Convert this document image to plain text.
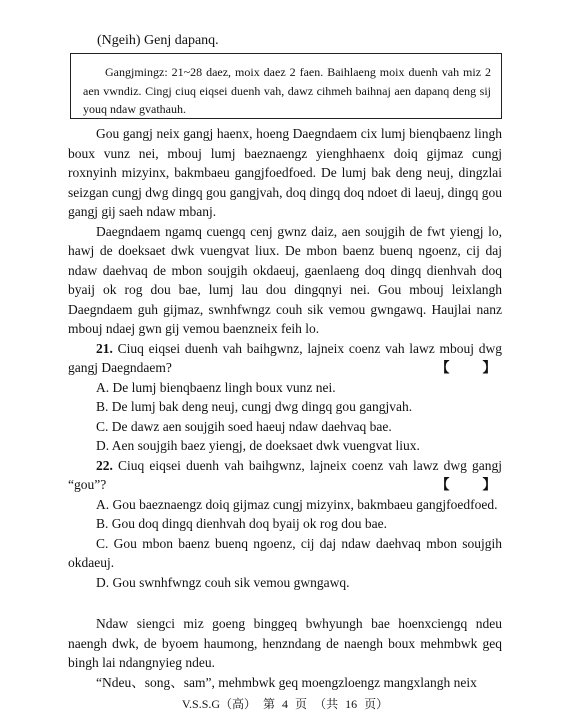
(Ngeih) Genj dapanq.
Gangjmingz: 21~28 daez, moix daez 2 faen. Baihlaeng moix duenh vah miz 2 aen vwndiz. Cingj ciuq eiqsei duenh vah, dawz cihmeh baihnaj aen dapanq deng sij youq ndaw gvathauh.

Gou gangj neix gangj haenx, hoeng Daegndaem cix lumj bienqbaenz lingh boux vunz nei, mbouj lumj baeznaengz yienghhaenx doiq gijmaz cungj roxnyinh mizyinx, bakmbaeu gangjfoedfoed. De lumj bak deng neuj, dingzlai seizgan cungj dwg dingq gou gangjvah, doq dingq doq ndoet di laeuj, dingq gou gangj gij saeh ndaw mbanj.

Daegndaem ngamq cuengq cenj gwnz daiz, aen soujgih de fwt yiengj lo, hawj de doeksaet dwk vuengvat liux. De mbon baenz buenq ngoenz, cij daj ndaw daehvaq de mbon soujgih okdaeuj, gaenlaeng doq dingq dienhvah doq byaij ok rog dou bae, lumj lau dou dingqnyi nei. Gou mbouj leixlangh Daegndaem guh gijmaz, swnhfwngz couh sik vemou gwngawq. Haujlai nanz mbouj ndaej gwn gij vemou baenzneix feih lo.

21. Ciuq eiqsei duenh vah baihgwnz, lajneix coenz vah lawz mbouj dwg gangj Daegndaem?	【　　】

A. De lumj bienqbaenz lingh boux vunz nei.

B. De lumj bak deng neuj, cungj dwg dingq gou gangjvah.

C. De dawz aen soujgih soed haeuj ndaw daehvaq bae.

D. Aen soujgih baez yiengj, de doeksaet dwk vuengvat liux.

22. Ciuq eiqsei duenh vah baihgwnz, lajneix coenz vah lawz dwg gangj “gou”?	【　　】

A. Gou baeznaengz doiq gijmaz cungj mizyinx, bakmbaeu gangjfoedfoed.

B. Gou doq dingq dienhvah doq byaij ok rog dou bae.

C. Gou mbon baenz buenq ngoenz, cij daj ndaw daehvaq mbon soujgih okdaeuj.

D. Gou swnhfwngz couh sik vemou gwngawq.

Ndaw siengci miz goeng binggeq bwhyungh bae hoenxciengq ndeu naengh dwk, de byoem haumong, henzndang de naengh boux mehmbwk geq bingh lai ndangnyieg ndeu.

“Ndeu、song、sam”, mehmbwk geq moengzloengz mangxlangh neix

V.S.S.G（高） 第 4 页 （共 16 页）
